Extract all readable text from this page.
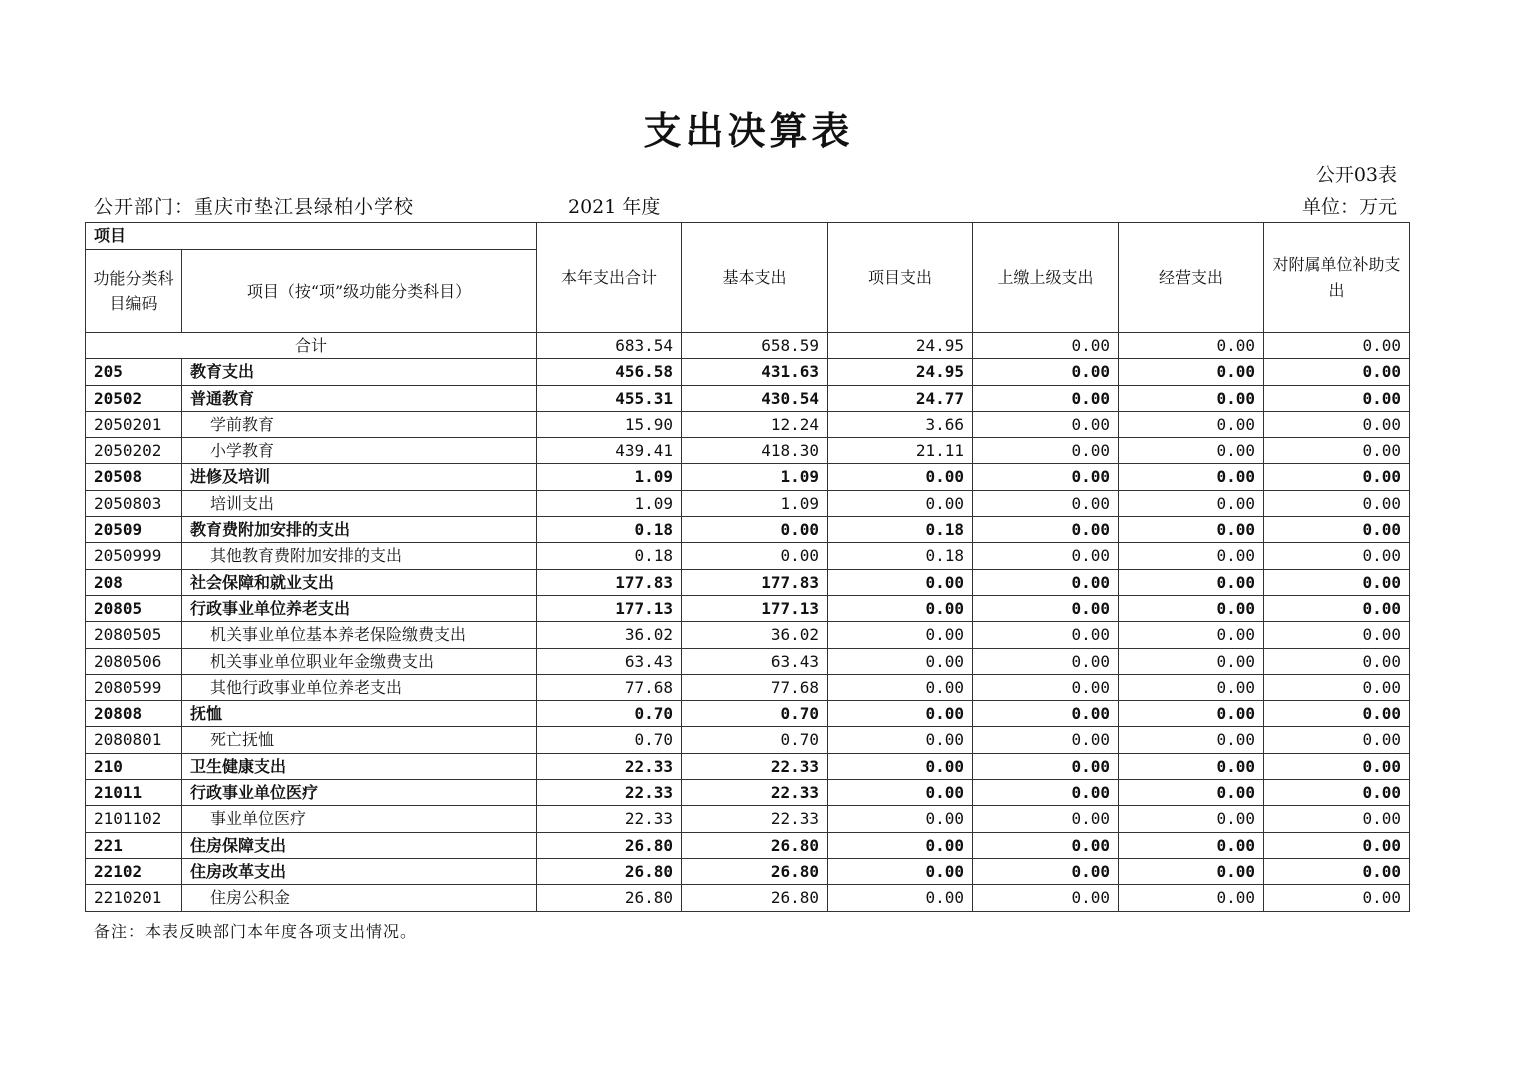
支出决算表
公开03表
公开部门：重庆市垫江县绿柏小学校	2021 年度	单位：万元
项目		本年支出合计	基本支出	项目支出	上缴上级支出	经营支出	对附属单位补助支出
功能分类科目编码	项目（按“项”级功能分类科目）						
合计		683.54	658.59	24.95	0.00	0.00	0.00
205	教育支出	456.58	431.63	24.95	0.00	0.00	0.00
20502	普通教育	455.31	430.54	24.77	0.00	0.00	0.00
2050201	学前教育	15.90	12.24	3.66	0.00	0.00	0.00
2050202	小学教育	439.41	418.30	21.11	0.00	0.00	0.00
20508	进修及培训	1.09	1.09	0.00	0.00	0.00	0.00
2050803	培训支出	1.09	1.09	0.00	0.00	0.00	0.00
20509	教育费附加安排的支出	0.18	0.00	0.18	0.00	0.00	0.00
2050999	其他教育费附加安排的支出	0.18	0.00	0.18	0.00	0.00	0.00
208	社会保障和就业支出	177.83	177.83	0.00	0.00	0.00	0.00
20805	行政事业单位养老支出	177.13	177.13	0.00	0.00	0.00	0.00
2080505	机关事业单位基本养老保险缴费支出	36.02	36.02	0.00	0.00	0.00	0.00
2080506	机关事业单位职业年金缴费支出	63.43	63.43	0.00	0.00	0.00	0.00
2080599	其他行政事业单位养老支出	77.68	77.68	0.00	0.00	0.00	0.00
20808	抚恤	0.70	0.70	0.00	0.00	0.00	0.00
2080801	死亡抚恤	0.70	0.70	0.00	0.00	0.00	0.00
210	卫生健康支出	22.33	22.33	0.00	0.00	0.00	0.00
21011	行政事业单位医疗	22.33	22.33	0.00	0.00	0.00	0.00
2101102	事业单位医疗	22.33	22.33	0.00	0.00	0.00	0.00
221	住房保障支出	26.80	26.80	0.00	0.00	0.00	0.00
22102	住房改革支出	26.80	26.80	0.00	0.00	0.00	0.00
2210201	住房公积金	26.80	26.80	0.00	0.00	0.00	0.00
备注：本表反映部门本年度各项支出情况。
